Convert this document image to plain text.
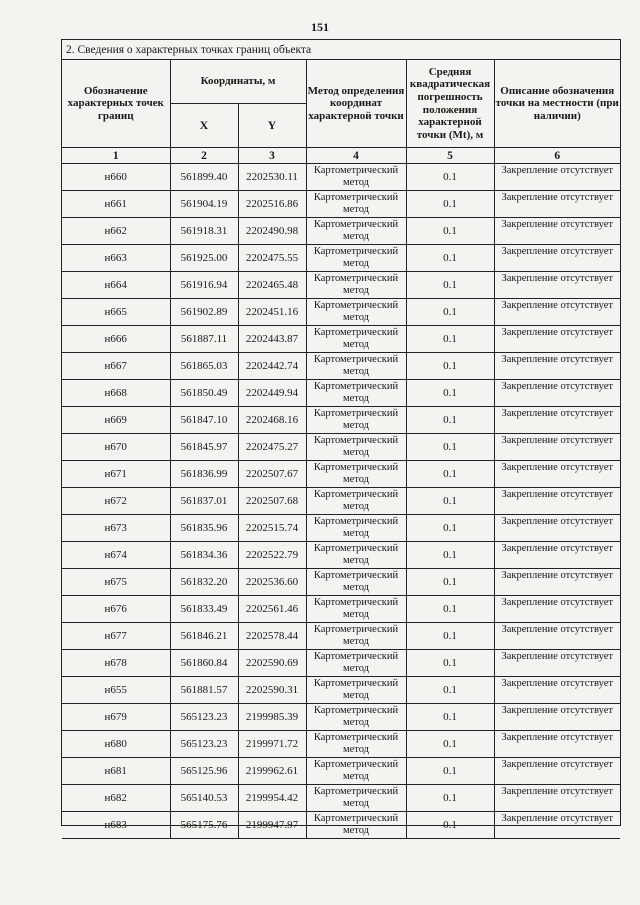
151
2. Сведения о характерных точках границ объекта
Обозначение характерных точек границ	Координаты, м		Метод определения координат характерной точки	Средняя квадратическая погрешность положения характерной точки (Mt), м	Описание обозначения точки на местности (при наличии)
	X	Y			
1	2	3	4	5	6
н660	561899.40	2202530.11	Картометрический метод	0.1	Закрепление отсутствует
н661	561904.19	2202516.86	Картометрический метод	0.1	Закрепление отсутствует
н662	561918.31	2202490.98	Картометрический метод	0.1	Закрепление отсутствует
н663	561925.00	2202475.55	Картометрический метод	0.1	Закрепление отсутствует
н664	561916.94	2202465.48	Картометрический метод	0.1	Закрепление отсутствует
н665	561902.89	2202451.16	Картометрический метод	0.1	Закрепление отсутствует
н666	561887.11	2202443.87	Картометрический метод	0.1	Закрепление отсутствует
н667	561865.03	2202442.74	Картометрический метод	0.1	Закрепление отсутствует
н668	561850.49	2202449.94	Картометрический метод	0.1	Закрепление отсутствует
н669	561847.10	2202468.16	Картометрический метод	0.1	Закрепление отсутствует
н670	561845.97	2202475.27	Картометрический метод	0.1	Закрепление отсутствует
н671	561836.99	2202507.67	Картометрический метод	0.1	Закрепление отсутствует
н672	561837.01	2202507.68	Картометрический метод	0.1	Закрепление отсутствует
н673	561835.96	2202515.74	Картометрический метод	0.1	Закрепление отсутствует
н674	561834.36	2202522.79	Картометрический метод	0.1	Закрепление отсутствует
н675	561832.20	2202536.60	Картометрический метод	0.1	Закрепление отсутствует
н676	561833.49	2202561.46	Картометрический метод	0.1	Закрепление отсутствует
н677	561846.21	2202578.44	Картометрический метод	0.1	Закрепление отсутствует
н678	561860.84	2202590.69	Картометрический метод	0.1	Закрепление отсутствует
н655	561881.57	2202590.31	Картометрический метод	0.1	Закрепление отсутствует
н679	565123.23	2199985.39	Картометрический метод	0.1	Закрепление отсутствует
н680	565123.23	2199971.72	Картометрический метод	0.1	Закрепление отсутствует
н681	565125.96	2199962.61	Картометрический метод	0.1	Закрепление отсутствует
н682	565140.53	2199954.42	Картометрический метод	0.1	Закрепление отсутствует
н683	565175.76	2199947.97	Картометрический метод	0.1	Закрепление отсутствует
